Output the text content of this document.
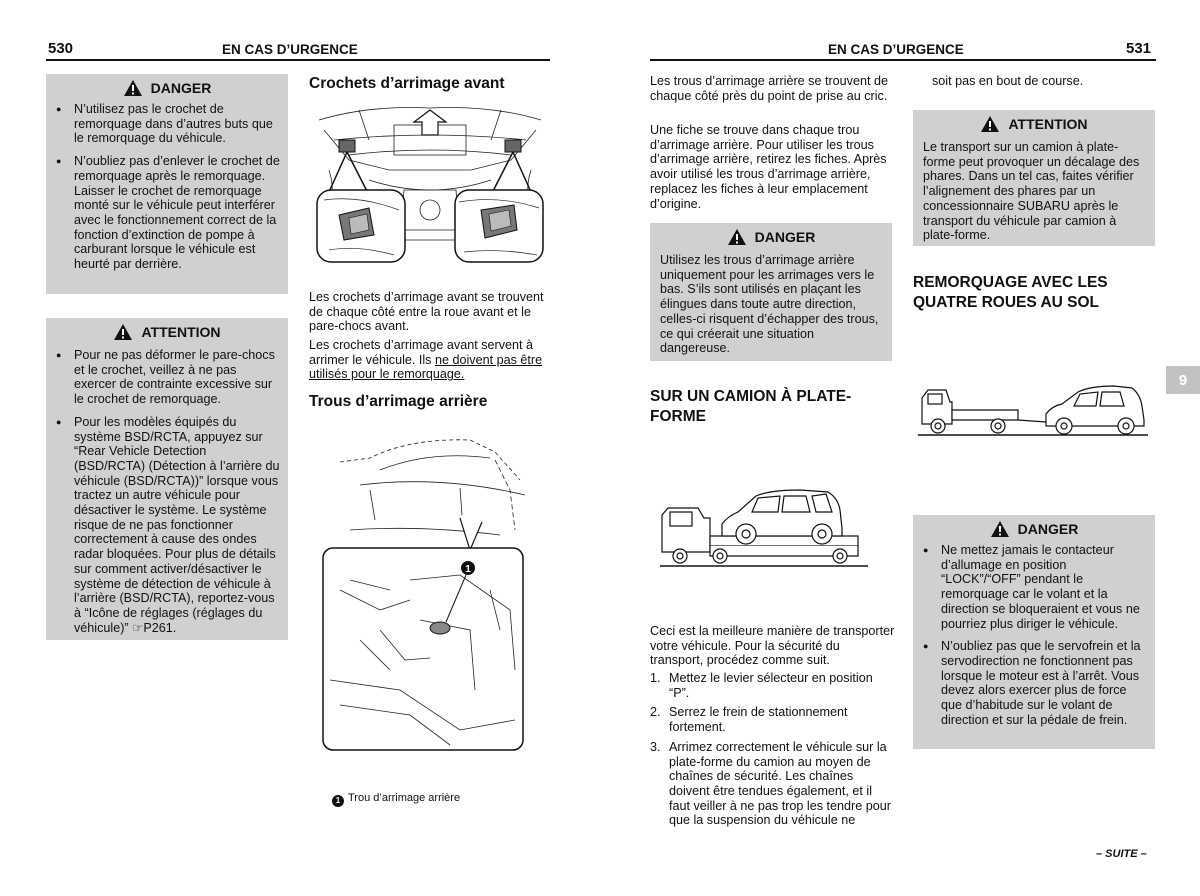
530	EN CAS D’URGENCE
DANGER
● N’utilisez pas le crochet de remorquage dans d’autres buts que le remorquage du véhicule.
● N’oubliez pas d’enlever le crochet de remorquage après le remorquage. Laisser le crochet de remorquage monté sur le véhicule peut interférer avec le fonctionnement correct de la fonction d’extinction de pompe à carburant lorsque le véhicule est heurté par derrière.
ATTENTION
● Pour ne pas déformer le pare-chocs et le crochet, veillez à ne pas exercer de contrainte excessive sur le crochet de remorquage.
● Pour les modèles équipés du système BSD/RCTA, appuyez sur “Rear Vehicle Detection (BSD/RCTA) (Détection à l’arrière du véhicule (BSD/RCTA))” lorsque vous tractez un autre véhicule pour désactiver le système. Le système risque de ne pas fonctionner correctement à cause des ondes radar bloquées. Pour plus de détails sur comment activer/désactiver le système de détection de véhicule à l’arrière (BSD/RCTA), reportez-vous à “Icône de réglages (réglages du véhicule)” ☞P261.
Crochets d’arrimage avant
Les crochets d’arrimage avant se trouvent de chaque côté entre la roue avant et le pare-chocs avant.
Les crochets d’arrimage avant servent à arrimer le véhicule. Ils ne doivent pas être utilisés pour le remorquage.
Trous d’arrimage arrière
1
1 Trou d’arrimage arrière
EN CAS D’URGENCE	531
Les trous d’arrimage arrière se trouvent de chaque côté près du point de prise au cric.
Une fiche se trouve dans chaque trou d’arrimage arrière. Pour utiliser les trous d’arrimage arrière, retirez les fiches. Après avoir utilisé les trous d’arrimage arrière, replacez les fiches à leur emplacement d’origine.
DANGER
Utilisez les trous d’arrimage arrière uniquement pour les arrimages vers le bas. S’ils sont utilisés en plaçant les élingues dans toute autre direction, celles-ci risquent d’échapper des trous, ce qui créerait une situation dangereuse.
SUR UN CAMION À PLATE-FORME
Ceci est la meilleure manière de transporter votre véhicule. Pour la sécurité du transport, procédez comme suit.
1. Mettez le levier sélecteur en position “P”.
2. Serrez le frein de stationnement fortement.
3. Arrimez correctement le véhicule sur la plate-forme du camion au moyen de chaînes de sécurité. Les chaînes doivent être tendues également, et il faut veiller à ne pas trop les tendre pour que la suspension du véhicule ne
soit pas en bout de course.
ATTENTION
Le transport sur un camion à plate-forme peut provoquer un décalage des phares. Dans un tel cas, faites vérifier l’alignement des phares par un concessionnaire SUBARU après le transport du véhicule par camion à plate-forme.
REMORQUAGE AVEC LES QUATRE ROUES AU SOL
DANGER
● Ne mettez jamais le contacteur d’allumage en position “LOCK”/“OFF” pendant le remorquage car le volant et la direction se bloqueraient et vous ne pourriez plus diriger le véhicule.
● N’oubliez pas que le servofrein et la servodirection ne fonctionnent pas lorsque le moteur est à l’arrêt. Vous devez alors exercer plus de force que d’habitude sur le volant de direction et sur la pédale de frein.
9
– SUITE –
